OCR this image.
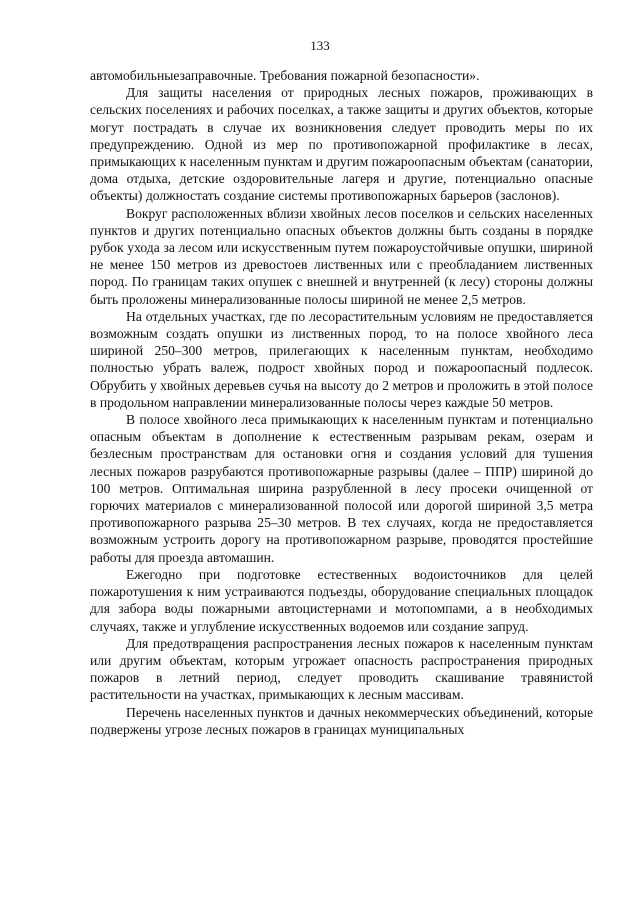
133

автомобильныезаправочные. Требования пожарной безопасности».

Для защиты населения от природных лесных пожаров, проживающих в сельских поселениях и рабочих поселках, а также защиты и других объектов, которые могут пострадать в случае их возникновения следует проводить меры по их предупреждению. Одной из мер по противопожарной профилактике в лесах, примыкающих к населенным пунктам и другим пожароопасным объектам (санатории, дома отдыха, детские оздоровительные лагеря и другие, потенциально опасные объекты) должностать создание системы противопожарных барьеров (заслонов).

Вокруг расположенных вблизи хвойных лесов поселков и сельских населенных пунктов и других потенциально опасных объектов должны быть созданы в порядке рубок ухода за лесом или искусственным путем пожароустойчивые опушки, шириной не менее 150 метров из древостоев лиственных или с преобладанием лиственных пород. По границам таких опушек с внешней и внутренней (к лесу) стороны должны быть проложены минерализованные полосы шириной не менее 2,5 метров.

На отдельных участках, где по лесорастительным условиям не предоставляется возможным создать опушки из лиственных пород, то на полосе хвойного леса шириной 250–300 метров, прилегающих к населенным пунктам, необходимо полностью убрать валеж, подрост хвойных пород и пожароопасный подлесок. Обрубить у хвойных деревьев сучья на высоту до 2 метров и проложить в этой полосе в продольном направлении минерализованные полосы через каждые 50 метров.

В полосе хвойного леса примыкающих к населенным пунктам и потенциально опасным объектам в дополнение к естественным разрывам рекам, озерам и безлесным пространствам для остановки огня и создания условий для тушения лесных пожаров разрубаются противопожарные разрывы (далее – ППР) шириной до 100 метров. Оптимальная ширина разрубленной в лесу просеки очищенной от горючих материалов с минерализованной полосой или дорогой шириной 3,5 метра противопожарного разрыва 25–30 метров. В тех случаях, когда не предоставляется возможным устроить дорогу на противопожарном разрыве, проводятся простейшие работы для проезда автомашин.

Ежегодно при подготовке естественных водоисточников для целей пожаротушения к ним устраиваются подъезды, оборудование специальных площадок для забора воды пожарными автоцистернами и мотопомпами, а в необходимых случаях, также и углубление искусственных водоемов или создание запруд.

Для предотвращения распространения лесных пожаров к населенным пунктам или другим объектам, которым угрожает опасность распространения природных пожаров в летний период, следует проводить скашивание травянистой растительности на участках, примыкающих к лесным массивам.

Перечень населенных пунктов и дачных некоммерческих объединений, которые подвержены угрозе лесных пожаров в границах муниципальных
